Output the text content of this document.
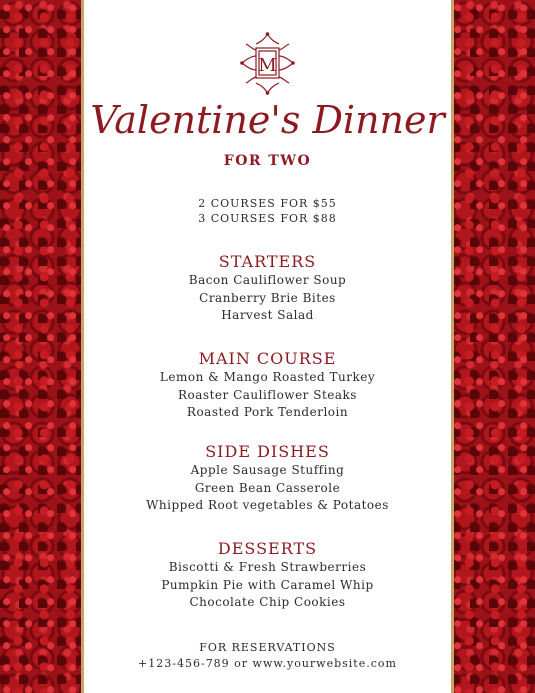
M
Valentine's Dinner
FOR TWO
2 COURSES FOR $55
3 COURSES FOR $88
STARTERS
Bacon Cauliflower Soup
Cranberry Brie Bites
Harvest Salad
MAIN COURSE
Lemon & Mango Roasted Turkey
Roaster Cauliflower Steaks
Roasted Pork Tenderloin
SIDE DISHES
Apple Sausage Stuffing
Green Bean Casserole
Whipped Root vegetables & Potatoes
DESSERTS
Biscotti & Fresh Strawberries
Pumpkin Pie with Caramel Whip
Chocolate Chip Cookies
FOR RESERVATIONS
+123-456-789 or www.yourwebsite.com
